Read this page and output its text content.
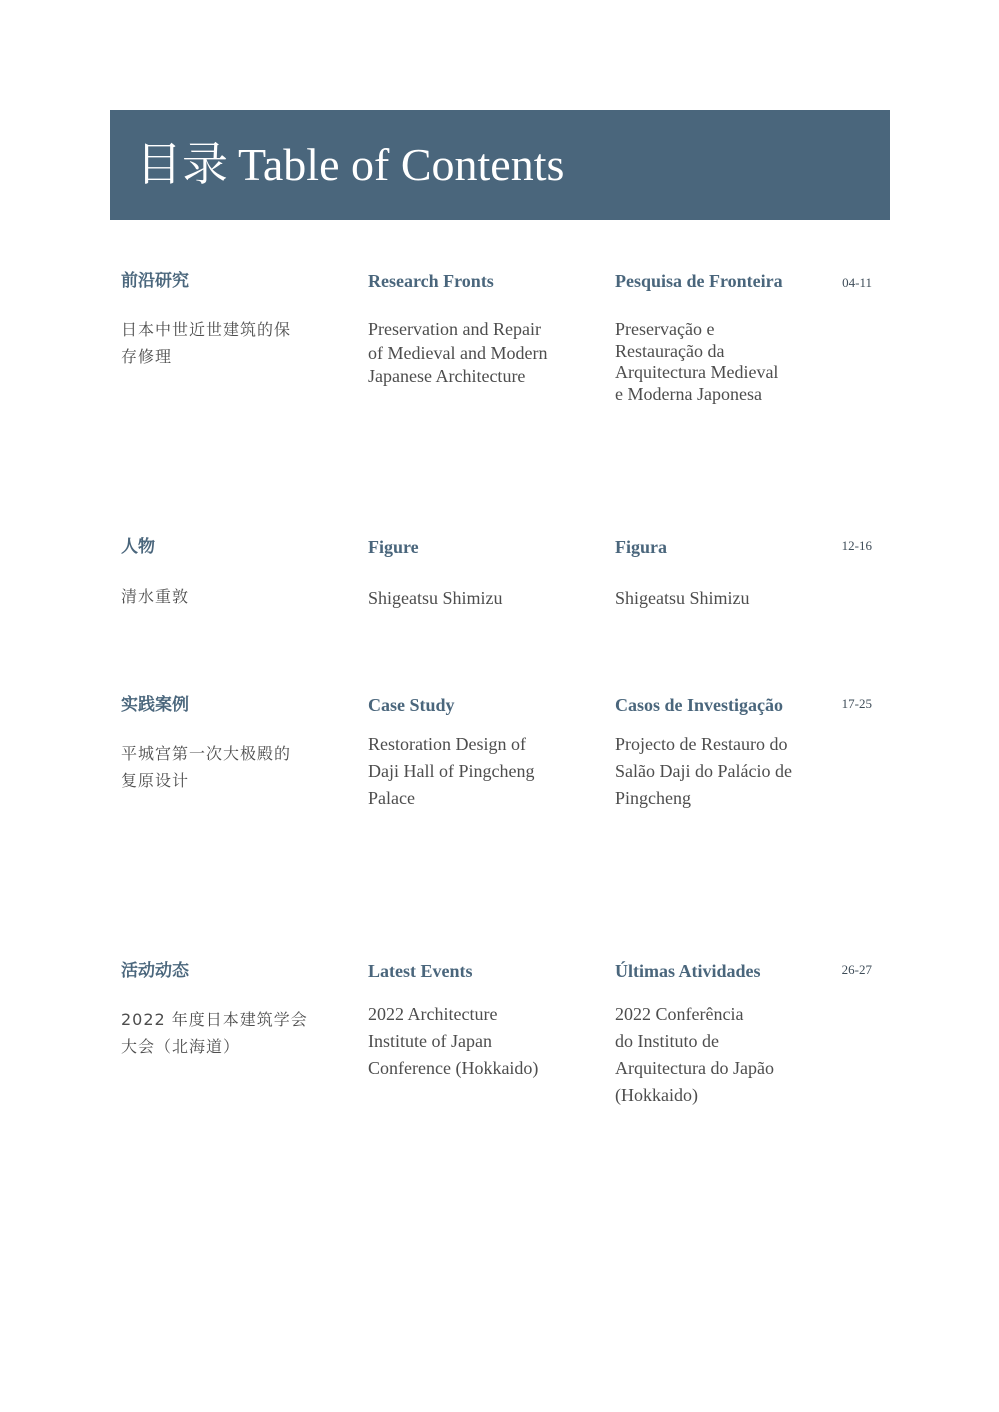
目录 Table of Contents

前沿研究

日本中世近世建筑的保
存修理

Research Fronts

Preservation and Repair
of Medieval and Modern
Japanese Architecture

Pesquisa de Fronteira

Preservação e
Restauração da
Arquitectura Medieval
e Moderna Japonesa
04-11

人物

清水重敦

Figure

Shigeatsu Shimizu

Figura

Shigeatsu Shimizu
12-16

实践案例

平城宫第一次大极殿的
复原设计

Case Study

Restoration Design of
Daji Hall of Pingcheng
Palace

Casos de Investigação

Projecto de Restauro do
Salão Daji do Palácio de
Pingcheng
17-25

活动动态

2022 年度日本建筑学会
大会（北海道）

Latest Events

2022 Architecture
Institute of Japan
Conference (Hokkaido)

Últimas Atividades

2022 Conferência
do Instituto de
Arquitectura do Japão
(Hokkaido)
26-27
